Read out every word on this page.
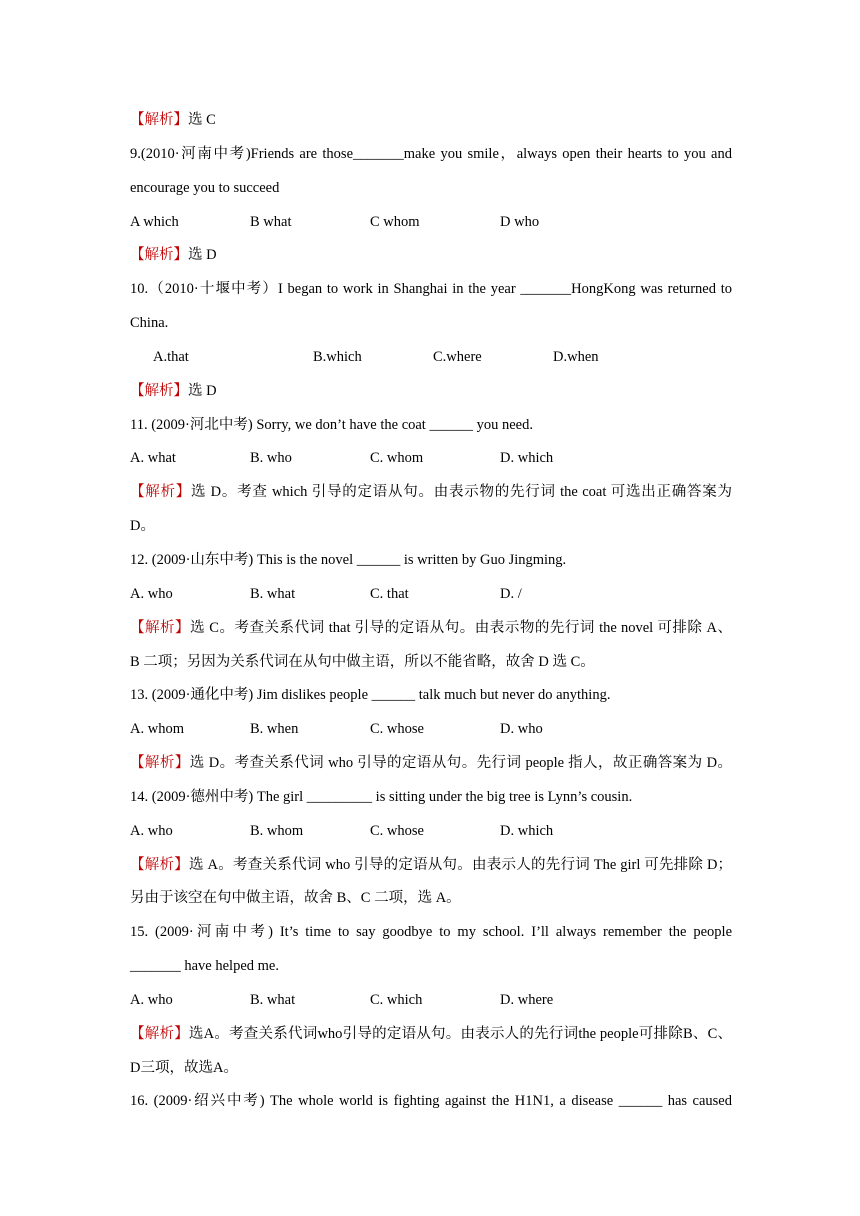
【解析】选 C
9.(2010·河南中考)Friends are those_______make you smile，always open their hearts to you and
encourage you to succeed
A which	B what	C whom	D who
【解析】选 D
10.（2010·十堰中考）I began to work in Shanghai in the year _______HongKong was returned to
China.
A.that	B.which	C.where	D.when
【解析】选 D
11. (2009·河北中考) Sorry, we don’t have the coat ______ you need.
A. what	B. who	C. whom	D. which
【解析】选 D。考查 which 引导的定语从句。由表示物的先行词 the coat 可选出正确答案为
D。
12. (2009·山东中考) This is the novel ______ is written by Guo Jingming.
A. who	B. what	C. that	D. /
【解析】选 C。考查关系代词 that 引导的定语从句。由表示物的先行词 the novel 可排除 A、
B 二项；另因为关系代词在从句中做主语，所以不能省略，故舍 D 选 C。
13. (2009·通化中考) Jim dislikes people ______ talk much but never do anything.
A. whom	B. when	C. whose	D. who
【解析】选 D。考查关系代词 who 引导的定语从句。先行词 people 指人，故正确答案为 D。
14. (2009·德州中考) The girl _________ is sitting under the big tree is Lynn’s cousin.
A. who	B. whom	C. whose	D. which
【解析】选 A。考查关系代词 who 引导的定语从句。由表示人的先行词 The girl 可先排除 D；
另由于该空在句中做主语，故舍 B、C 二项，选 A。
15. (2009·河南中考) It’s time to say goodbye to my school. I’ll always remember the people
_______ have helped me.
A. who	B. what	C. which	D. where
【解析】选A。考查关系代词who引导的定语从句。由表示人的先行词the people可排除B、C、
D三项，故选A。
16. (2009·绍兴中考) The whole world is fighting against the H1N1, a disease ______ has caused
